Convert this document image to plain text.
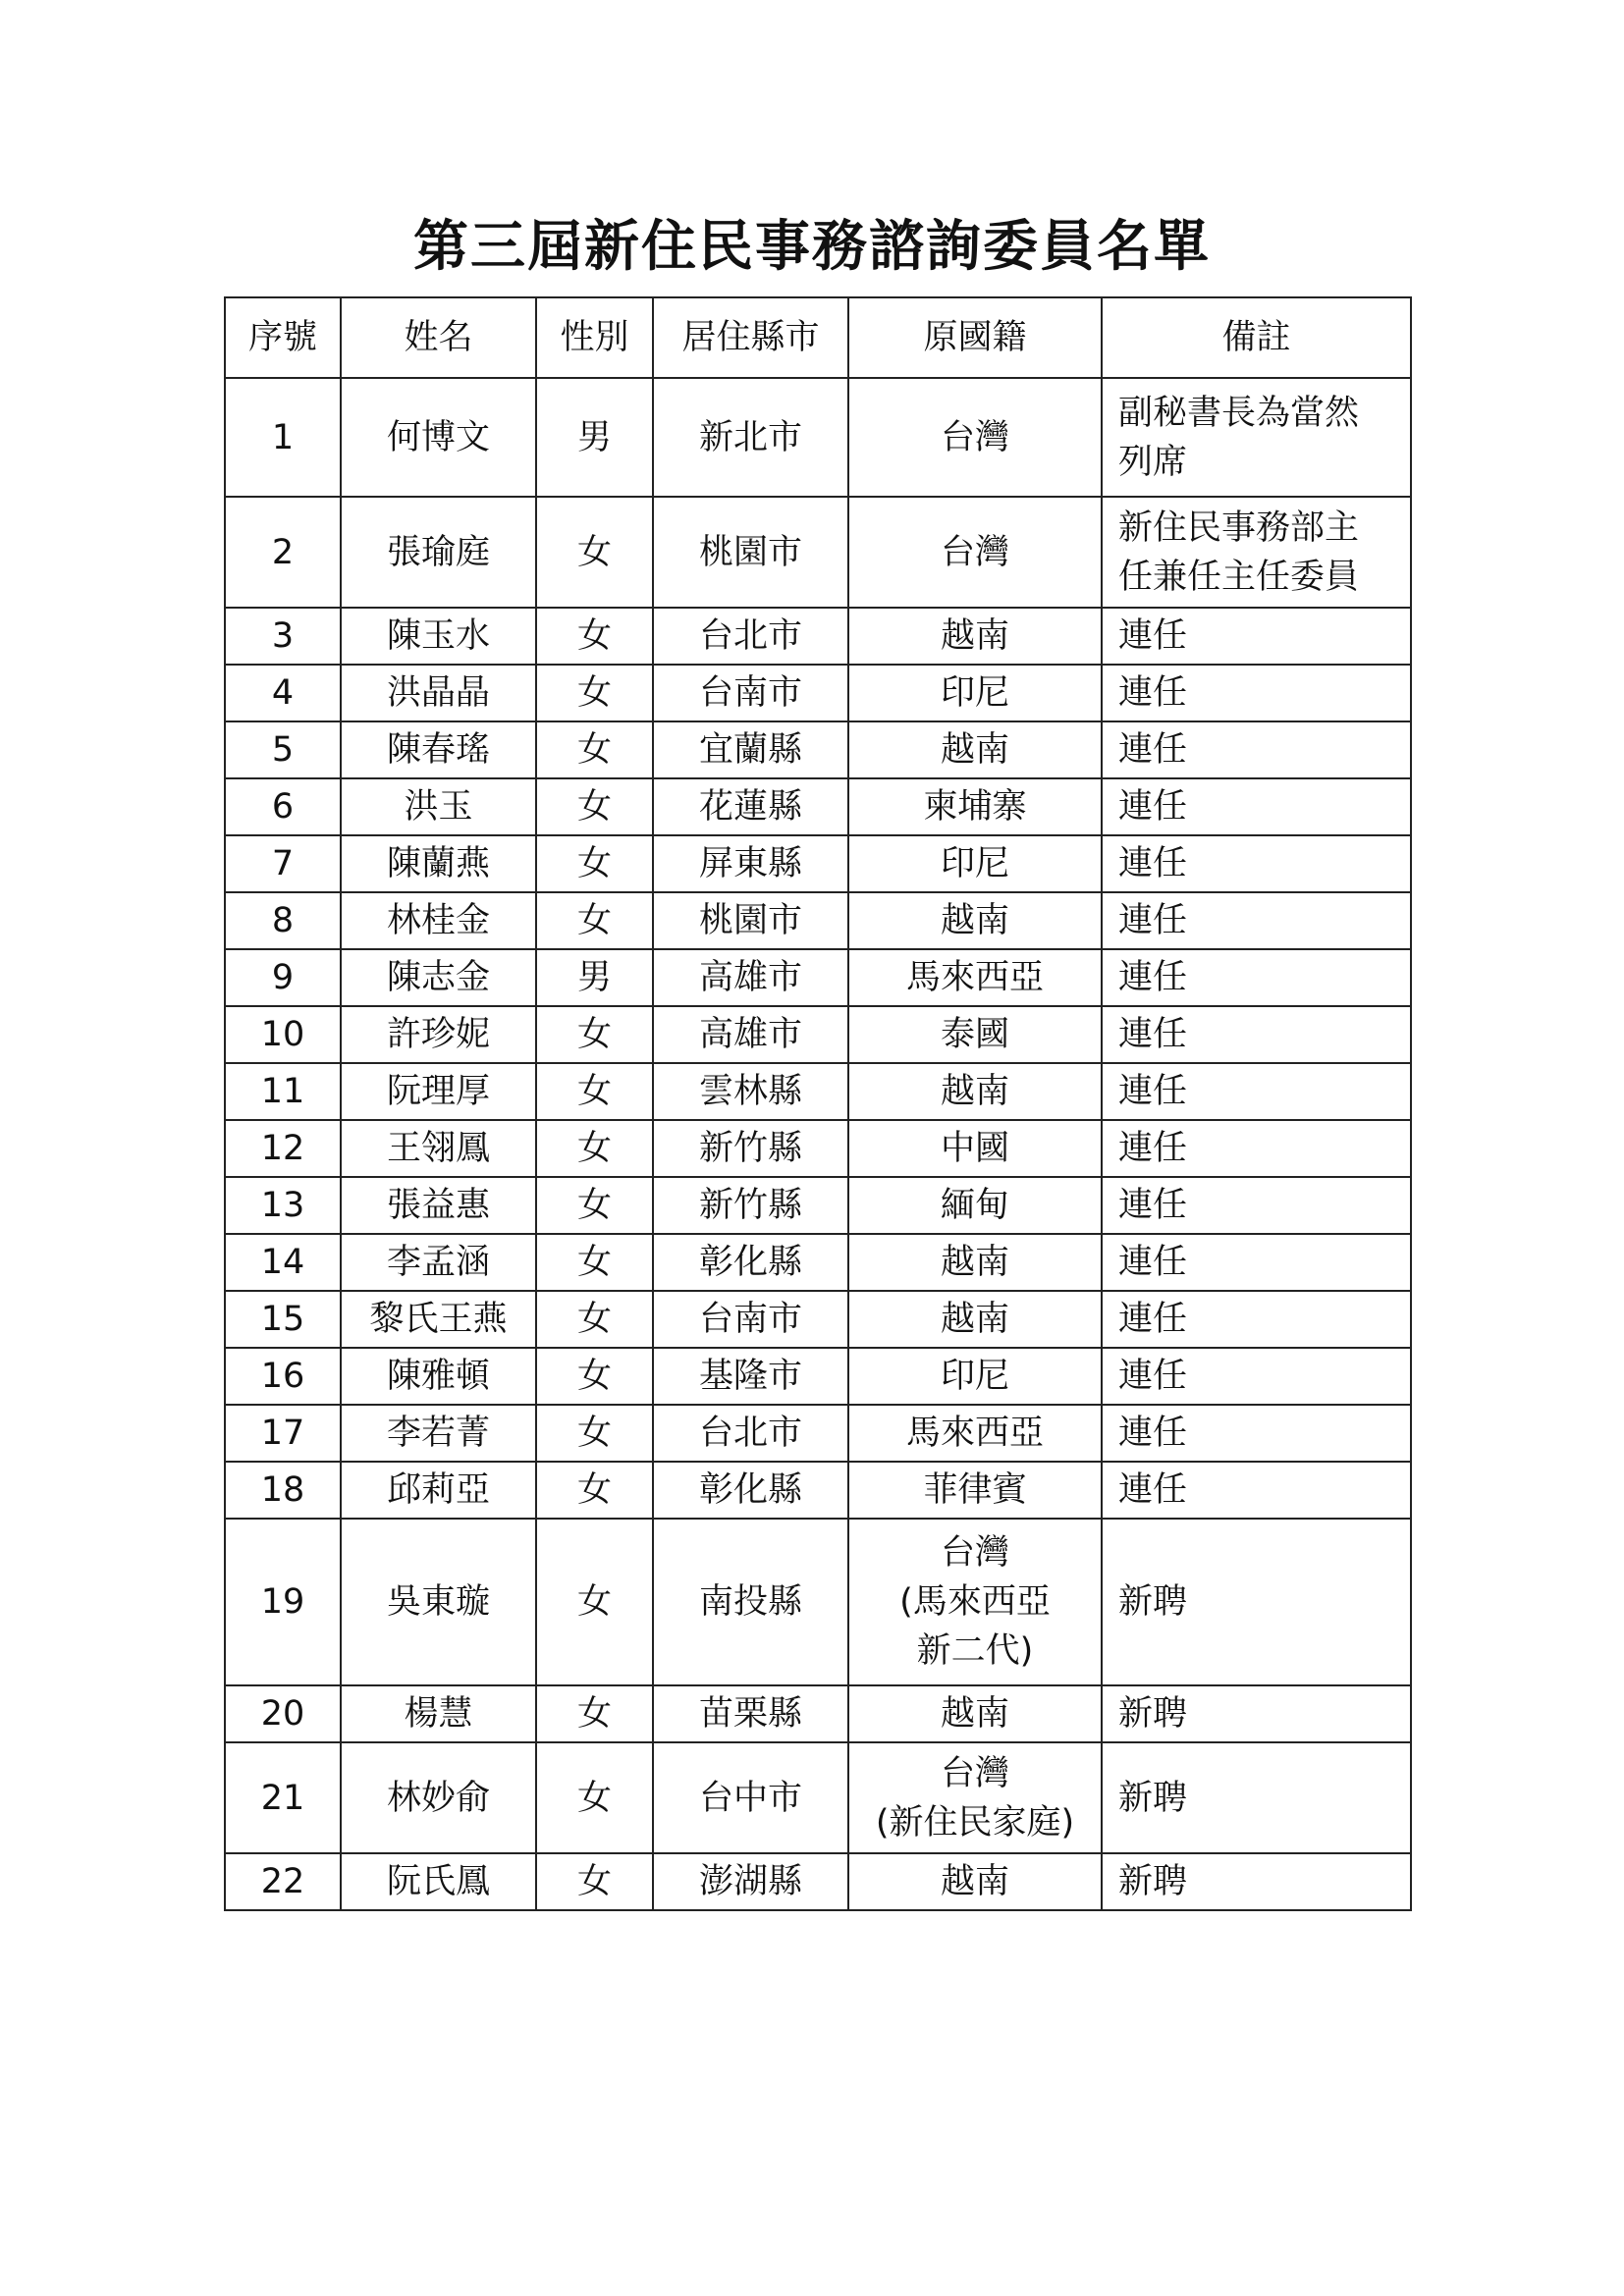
第三屆新住民事務諮詢委員名單
序號	姓名	性別	居住縣市	原國籍	備註
1	何博文	男	新北市	台灣	副秘書長為當然
列席

2	張瑜庭	女	桃園市	台灣	新住民事務部主
任兼任主任委員

3	陳玉水	女	台北市	越南	連任

4	洪晶晶	女	台南市	印尼	連任

5	陳春瑤	女	宜蘭縣	越南	連任

6	洪玉	女	花蓮縣	柬埔寨	連任

7	陳蘭燕	女	屏東縣	印尼	連任

8	林桂金	女	桃園市	越南	連任

9	陳志金	男	高雄市	馬來西亞	連任

10	許珍妮	女	高雄市	泰國	連任

11	阮理厚	女	雲林縣	越南	連任

12	王翎鳳	女	新竹縣	中國	連任

13	張益惠	女	新竹縣	緬甸	連任

14	李孟涵	女	彰化縣	越南	連任

15	黎氏王燕	女	台南市	越南	連任

16	陳雅頓	女	基隆市	印尼	連任

17	李若菁	女	台北市	馬來西亞	連任

18	邱莉亞	女	彰化縣	菲律賓	連任

19	吳東璇	女	南投縣	台灣
(馬來西亞
新二代)	新聘

20	楊慧	女	苗栗縣	越南	新聘

21	林妙俞	女	台中市	台灣
(新住民家庭)	新聘

22	阮氏鳳	女	澎湖縣	越南	新聘
